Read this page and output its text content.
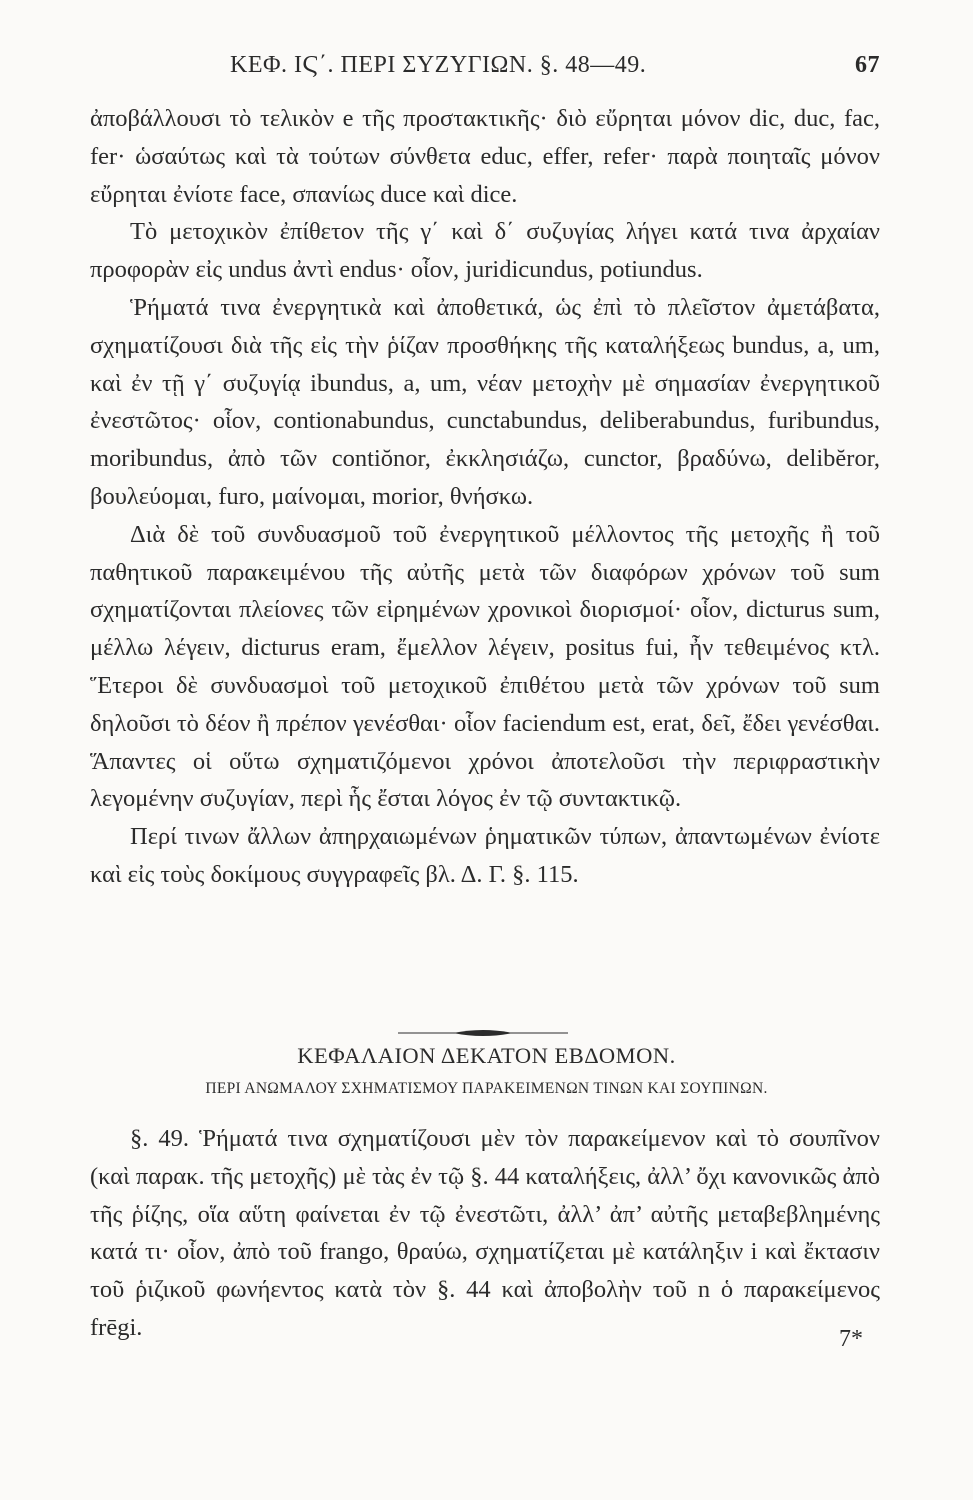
ΚΕΦ. ΙϚ΄. ΠΕΡΙ ΣΥΖΥΓΙΩΝ. §. 48—49.	67

ἀποβάλλουσι τὸ τελικὸν e τῆς προστακτικῆς· διὸ εὔρηται μόνον dic, duc, fac, fer· ὡσαύτως καὶ τὰ τούτων σύνθετα educ, effer, refer· παρὰ ποιηταῖς μόνον εὔρηται ἐνίοτε face, σπανίως duce καὶ dice.

Τὸ μετοχικὸν ἐπίθετον τῆς γ΄ καὶ δ΄ συζυγίας λήγει κατά τινα ἀρχαίαν προφορὰν εἰς undus ἀντὶ endus· οἷον, juridicundus, potiundus.

Ῥήματά τινα ἐνεργητικὰ καὶ ἀποθετικά, ὡς ἐπὶ τὸ πλεῖστον ἀμετάβατα, σχηματίζουσι διὰ τῆς εἰς τὴν ῥίζαν προσθήκης τῆς καταλήξεως bundus, a, um, καὶ ἐν τῇ γ΄ συζυγίᾳ ibundus, a, um, νέαν μετοχὴν μὲ σημασίαν ἐνεργητικοῦ ἐνεστῶτος· οἷον, contionabundus, cunctabundus, deliberabundus, furibundus, moribundus, ἀπὸ τῶν contiŏnor, ἐκκλησιάζω, cunctor, βραδύνω, delibĕror, βουλεύομαι, furo, μαίνομαι, morior, θνήσκω.

Διὰ δὲ τοῦ συνδυασμοῦ τοῦ ἐνεργητικοῦ μέλλοντος τῆς μετοχῆς ἢ τοῦ παθητικοῦ παρακειμένου τῆς αὐτῆς μετὰ τῶν διαφόρων χρόνων τοῦ sum σχηματίζονται πλείονες τῶν εἰρημένων χρονικοὶ διορισμοί· οἷον, dicturus sum, μέλλω λέγειν, dicturus eram, ἔμελλον λέγειν, positus fui, ἦν τεθειμένος κτλ. Ἕτεροι δὲ συνδυασμοὶ τοῦ μετοχικοῦ ἐπιθέτου μετὰ τῶν χρόνων τοῦ sum δηλοῦσι τὸ δέον ἢ πρέπον γενέσθαι· οἷον faciendum est, erat, δεῖ, ἔδει γενέσθαι. Ἅπαντες οἱ οὕτω σχηματιζόμενοι χρόνοι ἀποτελοῦσι τὴν περιφραστικὴν λεγομένην συζυγίαν, περὶ ἧς ἔσται λόγος ἐν τῷ συντακτικῷ.

Περί τινων ἄλλων ἀπηρχαιωμένων ῥηματικῶν τύπων, ἀπαντωμένων ἐνίοτε καὶ εἰς τοὺς δοκίμους συγγραφεῖς βλ. Δ. Γ. §. 115.

ΚΕΦΑΛΑΙΟΝ ΔΕΚΑΤΟΝ ΕΒΔΟΜΟΝ.
ΠΕΡΙ ΑΝΩΜΑΛΟΥ ΣΧΗΜΑΤΙΣΜΟΥ ΠΑΡΑΚΕΙΜΕΝΩΝ ΤΙΝΩΝ ΚΑΙ ΣΟΥΠΙΝΩΝ.

§. 49. Ῥήματά τινα σχηματίζουσι μὲν τὸν παρακείμενον καὶ τὸ σουπῖνον (καὶ παρακ. τῆς μετοχῆς) μὲ τὰς ἐν τῷ §. 44 καταλήξεις, ἀλλ’ ὄχι κανονικῶς ἀπὸ τῆς ῥίζης, οἵα αὕτη φαίνεται ἐν τῷ ἐνεστῶτι, ἀλλ’ ἀπ’ αὐτῆς μεταβεβλημένης κατά τι· οἷον, ἀπὸ τοῦ frango, θραύω, σχηματίζεται μὲ κατάληξιν i καὶ ἔκτασιν τοῦ ῥιζικοῦ φωνήεντος κατὰ τὸν §. 44 καὶ ἀποβολὴν τοῦ n ὁ παρακείμενος frēgi.	7*
